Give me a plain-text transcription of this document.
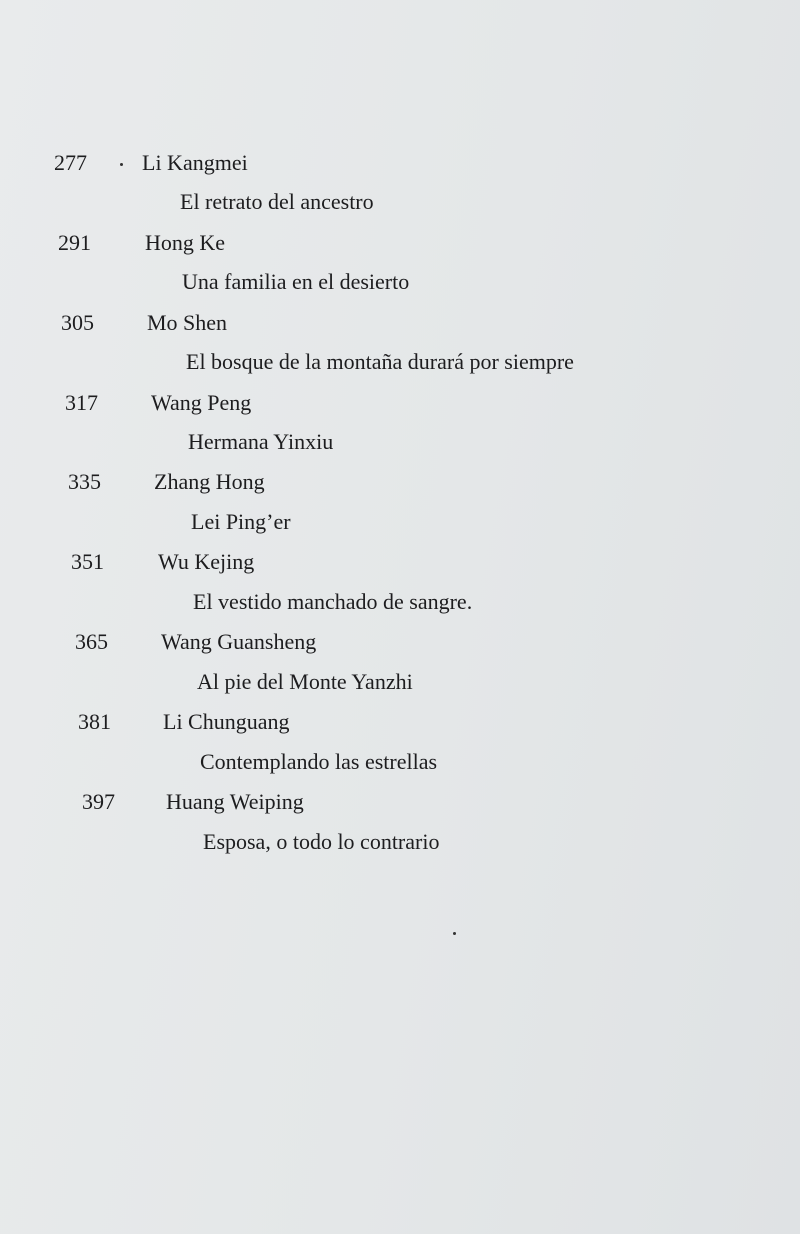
277	Li Kangmei
El retrato del ancestro
291 Hong Ke
Una familia en el desierto
305 Mo Shen
El bosque de la montaña durará por siempre
317 Wang Peng
Hermana Yinxiu
335 Zhang Hong
Lei Ping’er
351 Wu Kejing
El vestido manchado de sangre.
365 Wang Guansheng
Al pie del Monte Yanzhi
381 Li Chunguang
Contemplando las estrellas
397 Huang Weiping
Esposa, o todo lo contrario
